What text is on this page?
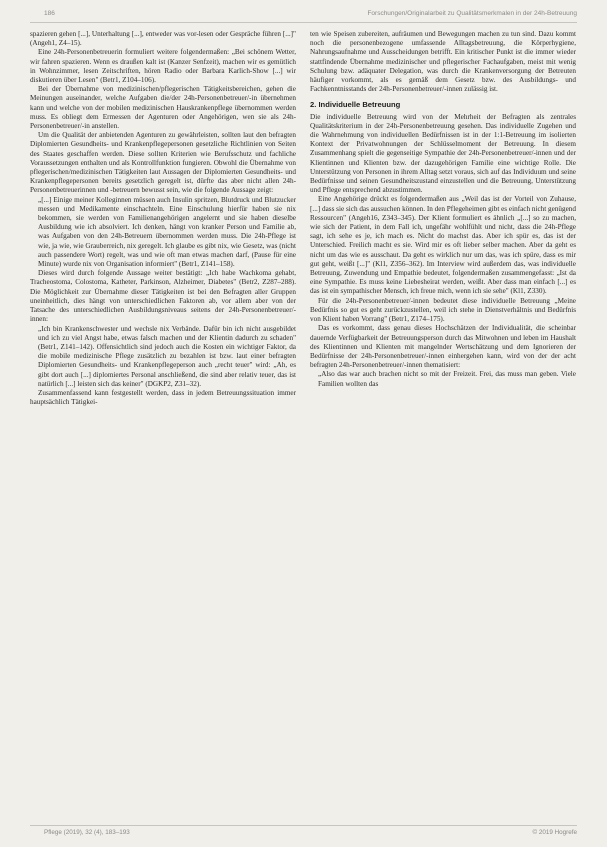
186	Forschungen/Originalarbeit zu Qualitätsmerkmalen in der 24h-Betreuung

spazieren gehen [...], Unterhaltung [...], entweder was vor-lesen oder Gespräche führen [...]" (Angeh1, Z4–15).

Eine 24h-Personenbetreuerin formuliert weitere folgendermaßen: „Bei schönem Wetter, wir fahren spazieren. Wenn es draußen kalt ist (Kanzer Senfzeit), machen wir es gemütlich in Wohnzimmer, lesen Zeitschriften, hören Radio oder Barbara Karlich-Show [...] wir diskutieren über Lesen" (Betr1, Z104–106).

Bei der Übernahme von medizinischen/pflegerischen Tätigkeitsbereichen, gehen die Meinungen auseinander, welche Aufgaben die/der 24h-Personenbetreuer/-in übernehmen kann und welche von der mobilen medizinischen Hauskrankenpflege übernommen werden muss. Es obliegt dem Ermessen der Agenturen oder Angehörigen, wen sie als 24h-Personenbetreuer/-in anstellen.

Um die Qualität der anbietenden Agenturen zu gewährleisten, sollten laut den befragten Diplomierten Gesundheits- und Krankenpflegepersonen gesetzliche Richtlinien von Seiten des Staates geschaffen werden. Diese sollten Kriterien wie Berufsschutz und fachliche Voraussetzungen enthalten und als Kontrollfunktion fungieren. Obwohl die Übernahme von pflegerischen/medizinischen Tätigkeiten laut Aussagen der Diplomierten Gesundheits- und Krankenpflegepersonen bereits gesetzlich geregelt ist, dürfte das aber nicht allen 24h-Personenbetreuerinnen und -betreuern bewusst sein, wie die folgende Aussage zeigt:

„[...] Einige meiner Kolleginnen müssen auch Insulin spritzen, Blutdruck und Blutzucker messen und Medikamente einschachteln. Eine Einschulung hierfür haben sie nix bekommen, sie werden von Familienangehörigen angelernt und sie haben dieselbe Ausbildung wie ich absolviert. Ich denken, hängt von kranker Person und Familie ab, was Aufgaben von den 24h-Betreuern übernommen werden muss. Die 24h-Pflege ist wie, ja wie, wie Grauberreich, nix geregelt. Ich glaube es gibt nix, wie Gesetz, was (nicht auch passendere Wort) regelt, was und wie oft man etwas machen darf, (Pause für eine Minute) wurde nix von Organisation informiert" (Betr1, Z141–158).

Dieses wird durch folgende Aussage weiter bestätigt: „Ich habe Wachkoma gehabt, Tracheostoma, Colostoma, Katheter, Parkinson, Alzheimer, Diabetes" (Betr2, Z287–288). Die Möglichkeit zur Übernahme dieser Tätigkeiten ist bei den Befragten aller Gruppen uneinheitlich, dies hängt von unterschiedlichen Faktoren ab, vor allem aber von der Tatsache des unterschiedlichen Ausbildungsniveaus seitens der 24h-Personenbetreuer/-innen:

„Ich bin Krankenschwester und wechsle nix Verbände. Dafür bin ich nicht ausgebildet und ich zu viel Angst habe, etwas falsch machen und der Klientin dadurch zu schaden" (Betr1, Z141–142). Offensichtlich sind jedoch auch die Kosten ein wichtiger Faktor, da die mobile medizinische Pflege zusätzlich zu bezahlen ist bzw. laut einer befragten Diplomierten Gesundheits- und Krankenpflegeperson auch „recht teuer" wird: „Ah, es gibt dort auch [...] diplomiertes Personal anschließend, die sind aber relativ teuer, das ist natürlich [...] leisten sich das keiner" (DGKP2, Z31–32).

Zusammenfassend kann festgestellt werden, dass in jedem Betreuungssituation immer hauptsächlich Tätigkei-

ten wie Speisen zubereiten, aufräumen und Bewegungen machen zu tun sind. Dazu kommt noch die personenbezogene umfassende Alltagsbetreuung, die Körperhygiene, Nahrungsaufnahme und Ausscheidungen betrifft. Ein kritischer Punkt ist die immer wieder stattfindende Übernahme medizinischer und pflegerischer Fachaufgaben, meist mit wenig Schulung bzw. adäquater Delegation, was durch die Krankenversorgung der Betreuten häufiger vorkommt, als es gemäß dem Gesetz bzw. des Ausbildungs- und Fachkenntnisstands der 24h-Personenbetreuer/-innen zulässig ist.

2. Individuelle Betreuung

Die individuelle Betreuung wird von der Mehrheit der Befragten als zentrales Qualitätskriterium in der 24h-Personenbetreuung gesehen. Das individuelle Zugehen und die Wahrnehmung von individuellen Bedürfnissen ist in der 1:1-Betreuung im isolierten Kontext der Privatwohnungen der Schlüsselmoment der Betreuung. In diesem Zusammenhang spielt die gegenseitige Sympathie der 24h-Personenbetreuer/-innen und der Klientinnen und Klienten bzw. der dazugehörigen Familie eine wichtige Rolle. Die Unterstützung von Personen in ihrem Alltag setzt voraus, sich auf das Individuum und seine Bedürfnisse und seinen Gesundheitszustand einzustellen und die Betreuung, Unterstützung und Pflege entsprechend abzustimmen.

Eine Angehörige drückt es folgendermaßen aus „Weil das ist der Vorteil von Zuhause, [...] dass sie sich das aussuchen können. In den Pflegeheimen gibt es einfach nicht genügend Ressourcen" (Angeh16, Z343–345). Der Klient formuliert es ähnlich „[...] so zu machen, wie sich der Patient, in dem Fall ich, ungefähr wohlfühlt und nicht, dass die 24h-Pflege sagt, ich sehe es je, ich mach es. Nicht do machst das. Aber ich spür es, das ist der Unterschied. Freilich macht es sie. Wird mir es oft lieber selber machen. Aber da geht es nicht um das wie es ausschaut. Da geht es wirklich nur um das, was ich spüre, dass es mir gut geht, weißt [...]" (Kl1, Z356–362). Im Interview wird außerdem das, was individuelle Betreuung, Zuwendung und Empathie bedeutet, folgendermaßen zusammengefasst: „Ist da eine Sympathie. Es muss keine Liebesheirat werden, weißt. Aber dass man einfach [...] es das ist ein sympathischer Mensch, ich freue mich, wenn ich sie sehe" (Kl1, Z330).

Für die 24h-Personenbetreuer/-innen bedeutet diese individuelle Betreuung „Meine Bedürfnis so gut es geht zurückzustellen, weil ich stehe in Dienstverhältnis und Bedürfnis von Klient haben Vorrang" (Betr1, Z174–175).

Das es vorkommt, dass genau dieses Hochschätzen der Individualität, die scheinbar dauernde Verfügbarkeit der Betreuungsperson durch das Mitwohnen und leben im Haushalt des Klientinnen und Klienten mit mangelnder Wertschätzung und dem Ignorieren der Bedürfnisse der 24h-Personenbetreuer/-innen einhergehen kann, wird von der der acht befragten 24h-Personenbetreuer/-innen thematisiert:

„Also das war auch brachen nicht so mit der Freizeit. Frei, das muss man geben. Viele Familien wollten das

Pflege (2019), 32 (4), 183–193	© 2019 Hogrefe
